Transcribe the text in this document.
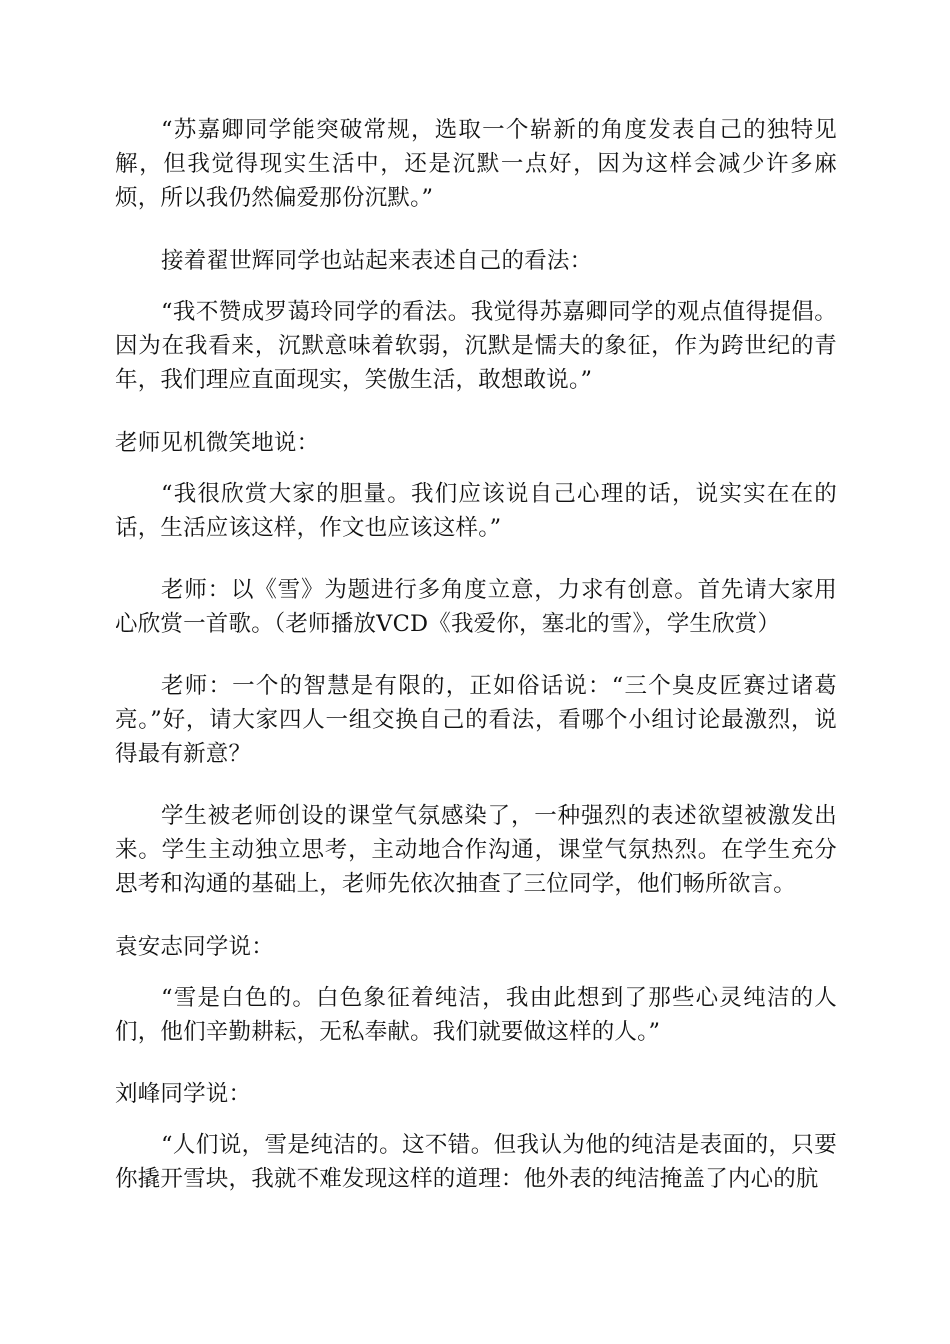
“苏嘉卿同学能突破常规，选取一个崭新的角度发表自己的独特见解，但我觉得现实生活中，还是沉默一点好，因为这样会减少许多麻烦，所以我仍然偏爱那份沉默。”

接着翟世辉同学也站起来表述自己的看法：

“我不赞成罗蔼玲同学的看法。我觉得苏嘉卿同学的观点值得提倡。因为在我看来，沉默意味着软弱，沉默是懦夫的象征，作为跨世纪的青年，我们理应直面现实，笑傲生活，敢想敢说。”

老师见机微笑地说：

“我很欣赏大家的胆量。我们应该说自己心理的话，说实实在在的话，生活应该这样，作文也应该这样。”

老师：以《雪》为题进行多角度立意，力求有创意。首先请大家用心欣赏一首歌。（老师播放VCD《我爱你，塞北的雪》，学生欣赏）

老师：一个的智慧是有限的，正如俗话说：“三个臭皮匠赛过诸葛亮。”好，请大家四人一组交换自己的看法，看哪个小组讨论最激烈，说得最有新意？

学生被老师创设的课堂气氛感染了，一种强烈的表述欲望被激发出来。学生主动独立思考，主动地合作沟通，课堂气氛热烈。在学生充分思考和沟通的基础上，老师先依次抽查了三位同学，他们畅所欲言。

袁安志同学说：

“雪是白色的。白色象征着纯洁，我由此想到了那些心灵纯洁的人们，他们辛勤耕耘，无私奉献。我们就要做这样的人。”

刘峰同学说：

“人们说，雪是纯洁的。这不错。但我认为他的纯洁是表面的，只要你撬开雪块，我就不难发现这样的道理：他外表的纯洁掩盖了内心的肮
